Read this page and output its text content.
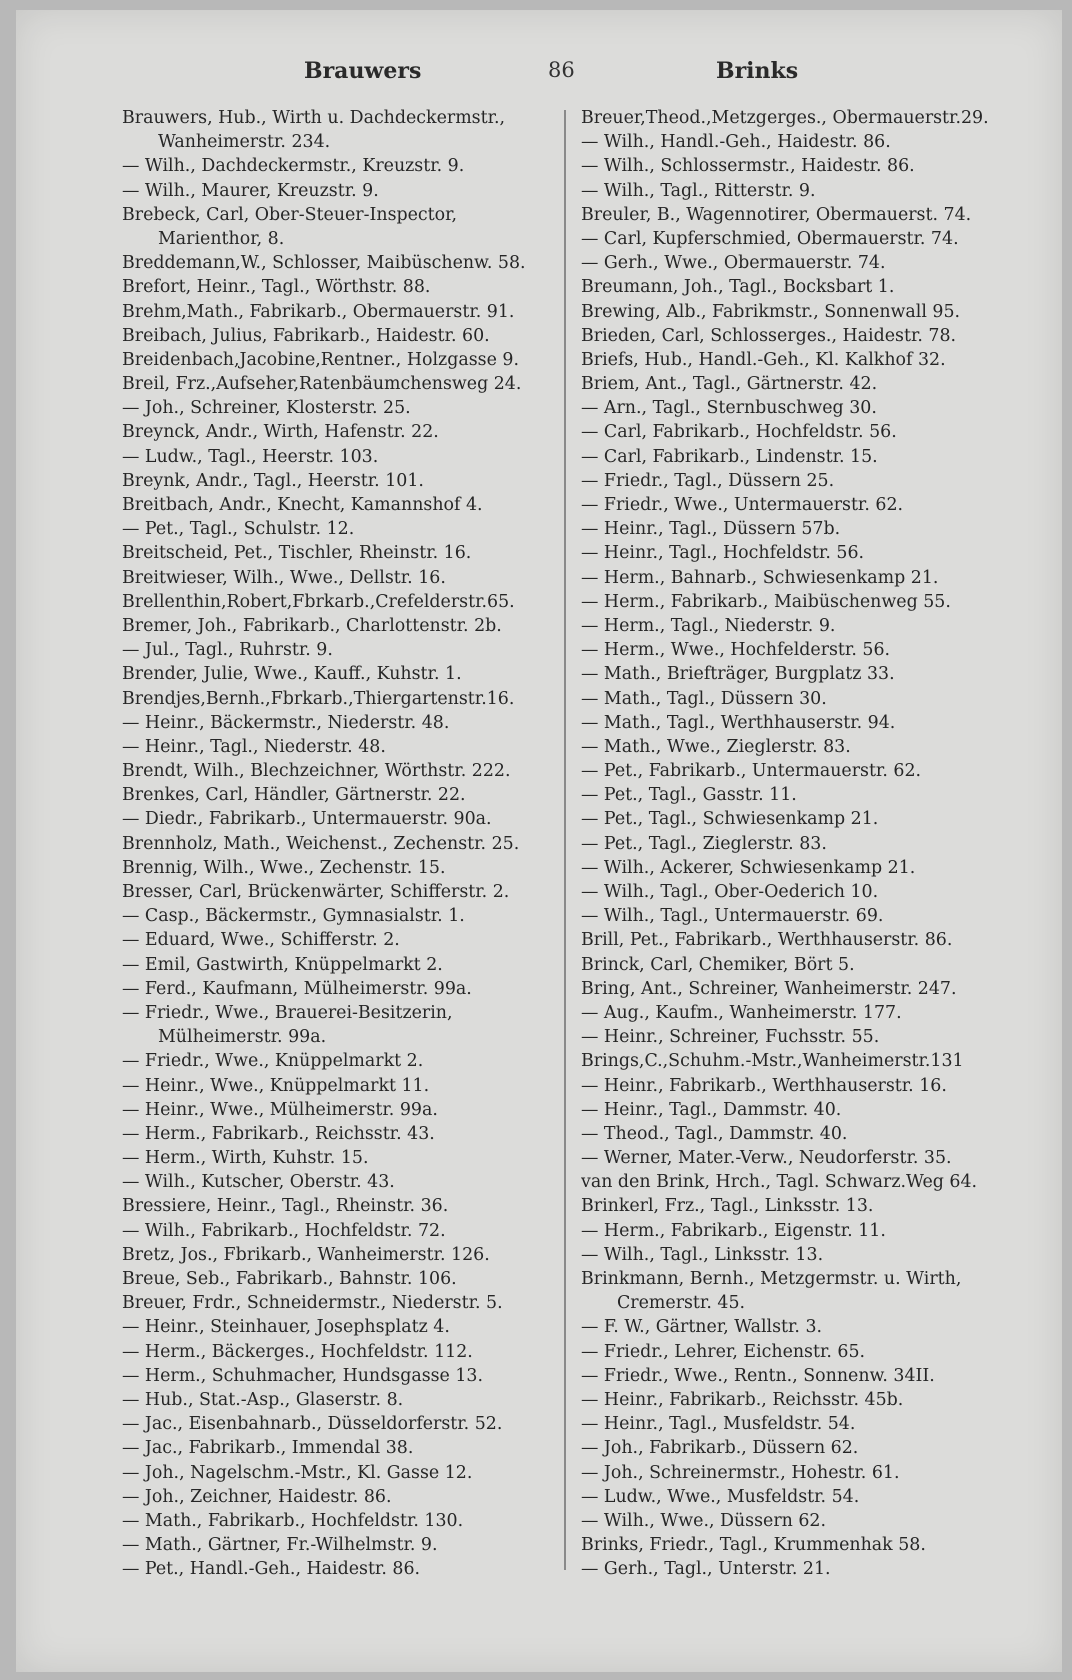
Brauwers	86	Brinks
Brauwers, Hub., Wirth u. Dachdeckermstr.,
Wanheimerstr. 234.
— Wilh., Dachdeckermstr., Kreuzstr. 9.
— Wilh., Maurer, Kreuzstr. 9.
Brebeck, Carl, Ober-Steuer-Inspector,
Marienthor, 8.
Breddemann,W., Schlosser, Maibüschenw. 58.
Brefort, Heinr., Tagl., Wörthstr. 88.
Brehm,Math., Fabrikarb., Obermauerstr. 91.
Breibach, Julius, Fabrikarb., Haidestr. 60.
Breidenbach,Jacobine,Rentner., Holzgasse 9.
Breil, Frz.,Aufseher,Ratenbäumchensweg 24.
— Joh., Schreiner, Klosterstr. 25.
Breynck, Andr., Wirth, Hafenstr. 22.
— Ludw., Tagl., Heerstr. 103.
Breynk, Andr., Tagl., Heerstr. 101.
Breitbach, Andr., Knecht, Kamannshof 4.
— Pet., Tagl., Schulstr. 12.
Breitscheid, Pet., Tischler, Rheinstr. 16.
Breitwieser, Wilh., Wwe., Dellstr. 16.
Brellenthin,Robert,Fbrkarb.,Crefelderstr.65.
Bremer, Joh., Fabrikarb., Charlottenstr. 2b.
— Jul., Tagl., Ruhrstr. 9.
Brender, Julie, Wwe., Kauff., Kuhstr. 1.
Brendjes,Bernh.,Fbrkarb.,Thiergartenstr.16.
— Heinr., Bäckermstr., Niederstr. 48.
— Heinr., Tagl., Niederstr. 48.
Brendt, Wilh., Blechzeichner, Wörthstr. 222.
Brenkes, Carl, Händler, Gärtnerstr. 22.
— Diedr., Fabrikarb., Untermauerstr. 90a.
Brennholz, Math., Weichenst., Zechenstr. 25.
Brennig, Wilh., Wwe., Zechenstr. 15.
Bresser, Carl, Brückenwärter, Schifferstr. 2.
— Casp., Bäckermstr., Gymnasialstr. 1.
— Eduard, Wwe., Schifferstr. 2.
— Emil, Gastwirth, Knüppelmarkt 2.
— Ferd., Kaufmann, Mülheimerstr. 99a.
— Friedr., Wwe., Brauerei-Besitzerin,
Mülheimerstr. 99a.
— Friedr., Wwe., Knüppelmarkt 2.
— Heinr., Wwe., Knüppelmarkt 11.
— Heinr., Wwe., Mülheimerstr. 99a.
— Herm., Fabrikarb., Reichsstr. 43.
— Herm., Wirth, Kuhstr. 15.
— Wilh., Kutscher, Oberstr. 43.
Bressiere, Heinr., Tagl., Rheinstr. 36.
— Wilh., Fabrikarb., Hochfeldstr. 72.
Bretz, Jos., Fbrikarb., Wanheimerstr. 126.
Breue, Seb., Fabrikarb., Bahnstr. 106.
Breuer, Frdr., Schneidermstr., Niederstr. 5.
— Heinr., Steinhauer, Josephsplatz 4.
— Herm., Bäckerges., Hochfeldstr. 112.
— Herm., Schuhmacher, Hundsgasse 13.
— Hub., Stat.-Asp., Glaserstr. 8.
— Jac., Eisenbahnarb., Düsseldorferstr. 52.
— Jac., Fabrikarb., Immendal 38.
— Joh., Nagelschm.-Mstr., Kl. Gasse 12.
— Joh., Zeichner, Haidestr. 86.
— Math., Fabrikarb., Hochfeldstr. 130.
— Math., Gärtner, Fr.-Wilhelmstr. 9.
— Pet., Handl.-Geh., Haidestr. 86.
Breuer,Theod.,Metzgerges., Obermauerstr.29.
— Wilh., Handl.-Geh., Haidestr. 86.
— Wilh., Schlossermstr., Haidestr. 86.
— Wilh., Tagl., Ritterstr. 9.
Breuler, B., Wagennotirer, Obermauerst. 74.
— Carl, Kupferschmied, Obermauerstr. 74.
— Gerh., Wwe., Obermauerstr. 74.
Breumann, Joh., Tagl., Bocksbart 1.
Brewing, Alb., Fabrikmstr., Sonnenwall 95.
Brieden, Carl, Schlosserges., Haidestr. 78.
Briefs, Hub., Handl.-Geh., Kl. Kalkhof 32.
Briem, Ant., Tagl., Gärtnerstr. 42.
— Arn., Tagl., Sternbuschweg 30.
— Carl, Fabrikarb., Hochfeldstr. 56.
— Carl, Fabrikarb., Lindenstr. 15.
— Friedr., Tagl., Düssern 25.
— Friedr., Wwe., Untermauerstr. 62.
— Heinr., Tagl., Düssern 57b.
— Heinr., Tagl., Hochfeldstr. 56.
— Herm., Bahnarb., Schwiesenkamp 21.
— Herm., Fabrikarb., Maibüschenweg 55.
— Herm., Tagl., Niederstr. 9.
— Herm., Wwe., Hochfelderstr. 56.
— Math., Briefträger, Burgplatz 33.
— Math., Tagl., Düssern 30.
— Math., Tagl., Werthhauserstr. 94.
— Math., Wwe., Zieglerstr. 83.
— Pet., Fabrikarb., Untermauerstr. 62.
— Pet., Tagl., Gasstr. 11.
— Pet., Tagl., Schwiesenkamp 21.
— Pet., Tagl., Zieglerstr. 83.
— Wilh., Ackerer, Schwiesenkamp 21.
— Wilh., Tagl., Ober-Oederich 10.
— Wilh., Tagl., Untermauerstr. 69.
Brill, Pet., Fabrikarb., Werthhauserstr. 86.
Brinck, Carl, Chemiker, Bört 5.
Bring, Ant., Schreiner, Wanheimerstr. 247.
— Aug., Kaufm., Wanheimerstr. 177.
— Heinr., Schreiner, Fuchsstr. 55.
Brings,C.,Schuhm.-Mstr.,Wanheimerstr.131
— Heinr., Fabrikarb., Werthhauserstr. 16.
— Heinr., Tagl., Dammstr. 40.
— Theod., Tagl., Dammstr. 40.
— Werner, Mater.-Verw., Neudorferstr. 35.
van den Brink, Hrch., Tagl. Schwarz.Weg 64.
Brinkerl, Frz., Tagl., Linksstr. 13.
— Herm., Fabrikarb., Eigenstr. 11.
— Wilh., Tagl., Linksstr. 13.
Brinkmann, Bernh., Metzgermstr. u. Wirth,
Cremerstr. 45.
— F. W., Gärtner, Wallstr. 3.
— Friedr., Lehrer, Eichenstr. 65.
— Friedr., Wwe., Rentn., Sonnenw. 34II.
— Heinr., Fabrikarb., Reichsstr. 45b.
— Heinr., Tagl., Musfeldstr. 54.
— Joh., Fabrikarb., Düssern 62.
— Joh., Schreinermstr., Hohestr. 61.
— Ludw., Wwe., Musfeldstr. 54.
— Wilh., Wwe., Düssern 62.
Brinks, Friedr., Tagl., Krummenhak 58.
— Gerh., Tagl., Unterstr. 21.
